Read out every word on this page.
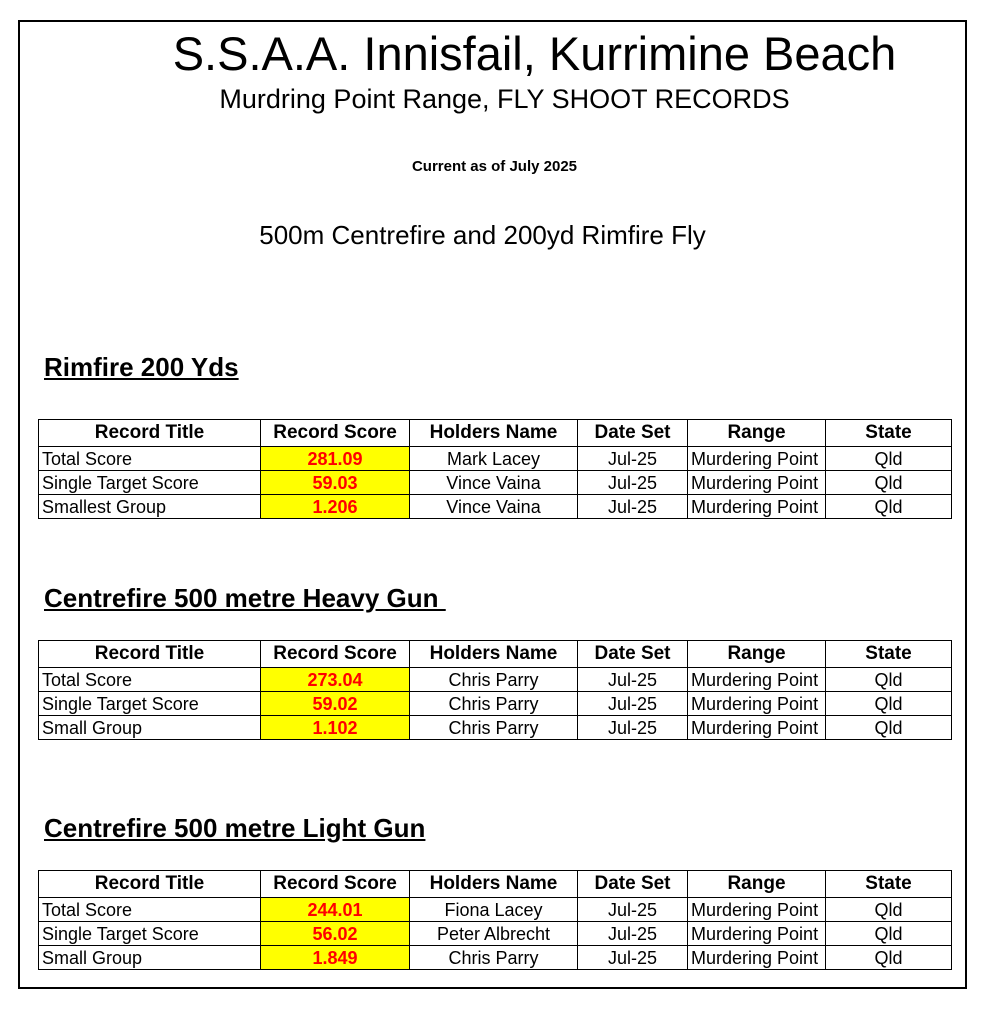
S.S.A.A. Innisfail, Kurrimine Beach
Murdring Point Range, FLY SHOOT RECORDS
Current as of July 2025
500m Centrefire and 200yd Rimfire Fly
Rimfire 200 Yds
Record Title	Record Score	Holders Name	Date Set	Range	State
Total Score	281.09	Mark Lacey	Jul-25	Murdering Point	Qld
Single Target Score	59.03	Vince Vaina	Jul-25	Murdering Point	Qld
Smallest Group	1.206	Vince Vaina	Jul-25	Murdering Point	Qld
Centrefire 500 metre Heavy Gun
Record Title	Record Score	Holders Name	Date Set	Range	State
Total Score	273.04	Chris Parry	Jul-25	Murdering Point	Qld
Single Target Score	59.02	Chris Parry	Jul-25	Murdering Point	Qld
Small Group	1.102	Chris Parry	Jul-25	Murdering Point	Qld
Centrefire 500 metre Light Gun
Record Title	Record Score	Holders Name	Date Set	Range	State
Total Score	244.01	Fiona Lacey	Jul-25	Murdering Point	Qld
Single Target Score	56.02	Peter Albrecht	Jul-25	Murdering Point	Qld
Small Group	1.849	Chris Parry	Jul-25	Murdering Point	Qld
